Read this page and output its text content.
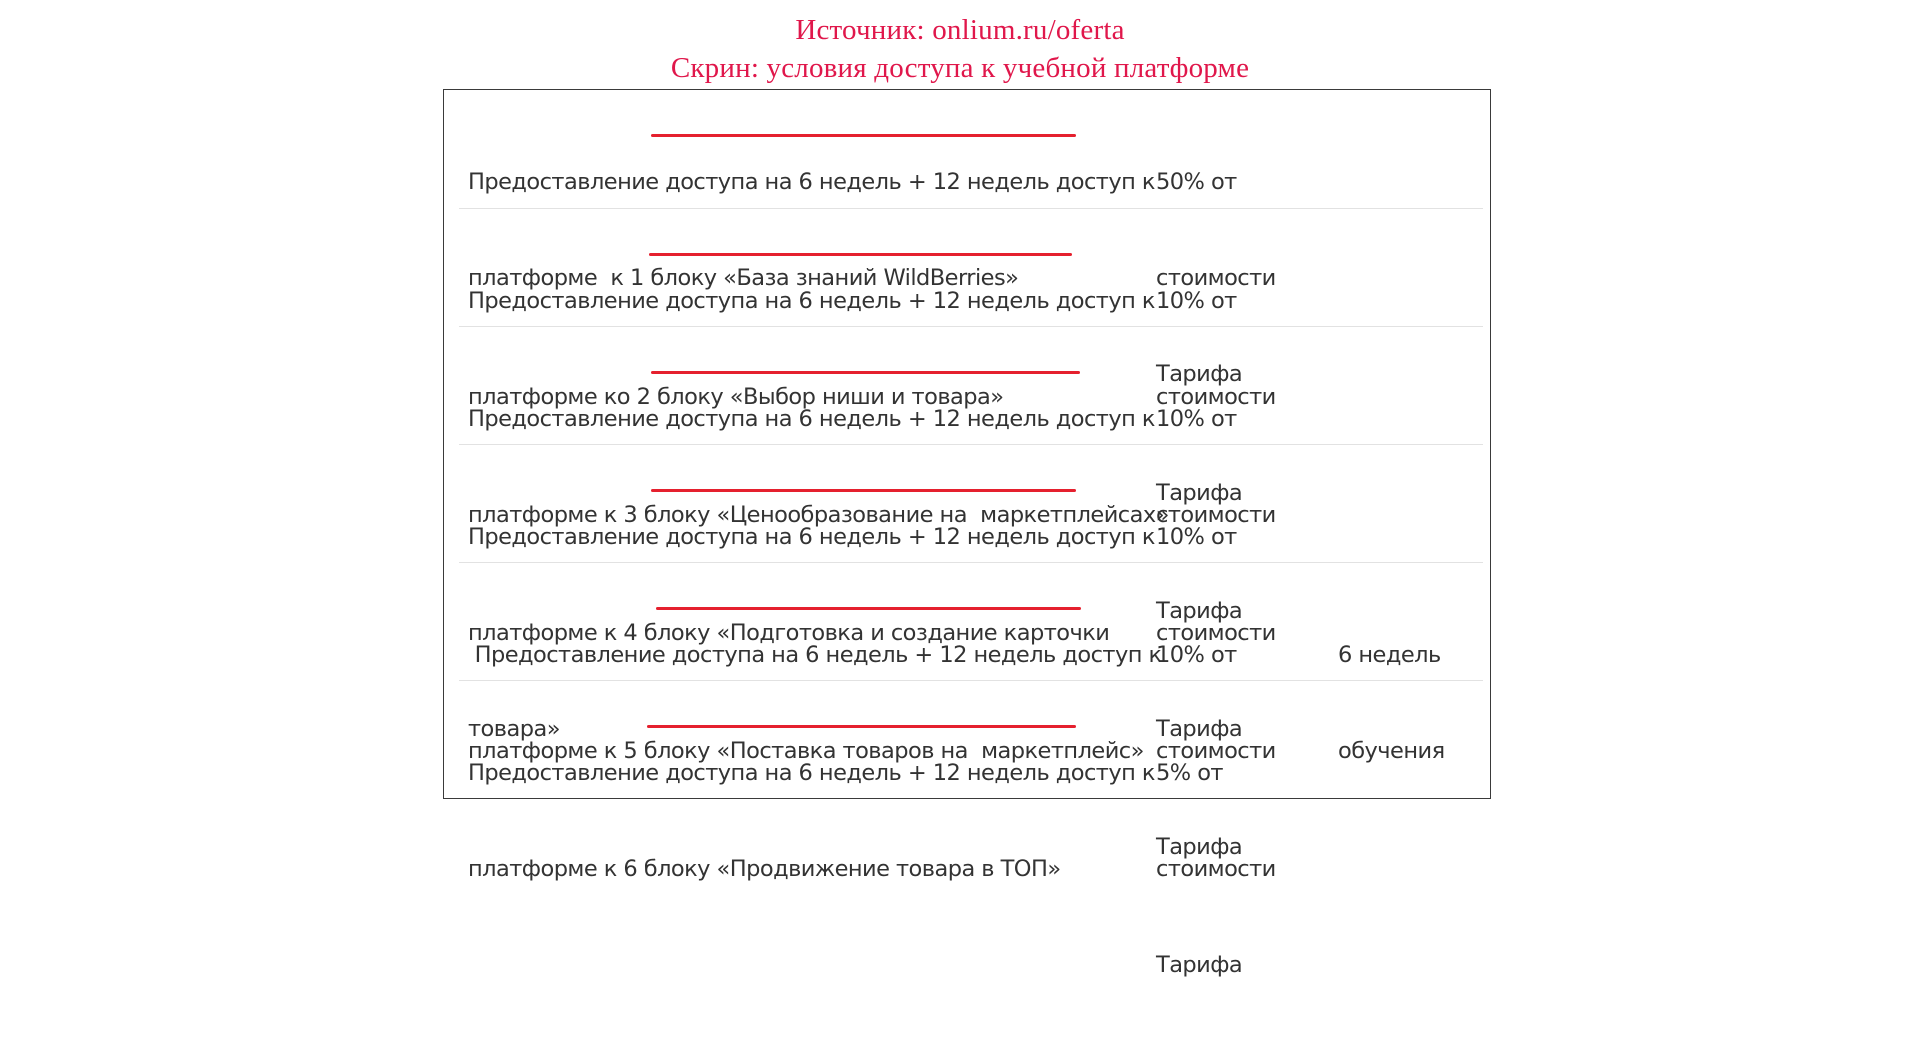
Источник: onlium.ru/oferta
Скрин: условия доступа к учебной платформе

Предоставление доступа на 6 недель + 12 недель доступ к

платформе  к 1 блоку «База знаний WildBerries»

50% от

стоимости

Тарифа

Предоставление доступа на 6 недель + 12 недель доступ к

платформе ко 2 блоку «Выбор ниши и товара»

10% от

стоимости

Тарифа

Предоставление доступа на 6 недель + 12 недель доступ к

платформе к 3 блоку «Ценообразование на  маркетплейсах»

10% от

стоимости

Тарифа

Предоставление доступа на 6 недель + 12 недель доступ к

платформе к 4 блоку «Подготовка и создание карточки

товара»

10% от

стоимости

Тарифа

Предоставление доступа на 6 недель + 12 недель доступ к

платформе к 5 блоку «Поставка товаров на  маркетплейс»

10% от

стоимости

Тарифа

6 недель

обучения

Предоставление доступа на 6 недель + 12 недель доступ к

платформе к 6 блоку «Продвижение товара в ТОП»

5% от

стоимости

Тарифа
